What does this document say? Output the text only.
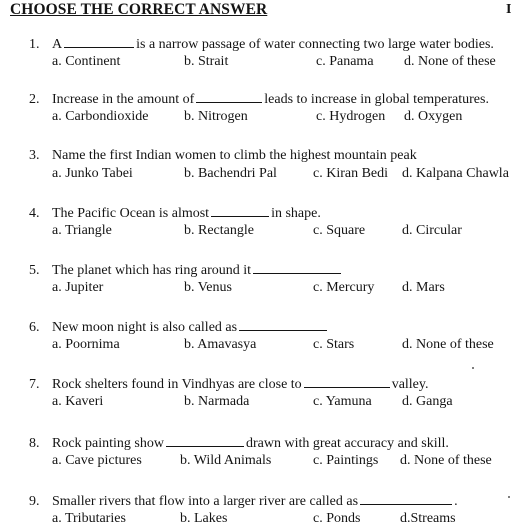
CHOOSE THE CORRECT ANSWER	I
1. A	is a narrow passage of water connecting two large water bodies.
a. Continent	b. Strait	c. Panama d. None of these
2. Increase in the amount of	leads to increase in global temperatures.
a. Carbondioxide	b. Nitrogen	c. Hydrogen d. Oxygen
3. Name the first Indian women to climb the highest mountain peak
a. Junko Tabei	b. Bachendri Pal	c. Kiran Bedi d. Kalpana Chawla
4. The Pacific Ocean is almost	in shape.
a. Triangle	b. Rectangle	c. Square	d. Circular
5. The planet which has ring around it
a. Jupiter	b. Venus	c. Mercury d. Mars
6. New moon night is also called as
a. Poornima	b. Amavasya	c. Stars	d. None of these
7. Rock shelters found in Vindhyas are close to	valley.
a. Kaveri	b. Narmada	c. Yamuna d. Ganga
8. Rock painting show	drawn with great accuracy and skill.
a. Cave pictures	b. Wild Animals	c. Paintings d. None of these
9. Smaller rivers that flow into a larger river are called as	.
a. Tributaries	b. Lakes	c. Ponds	d.Streams
